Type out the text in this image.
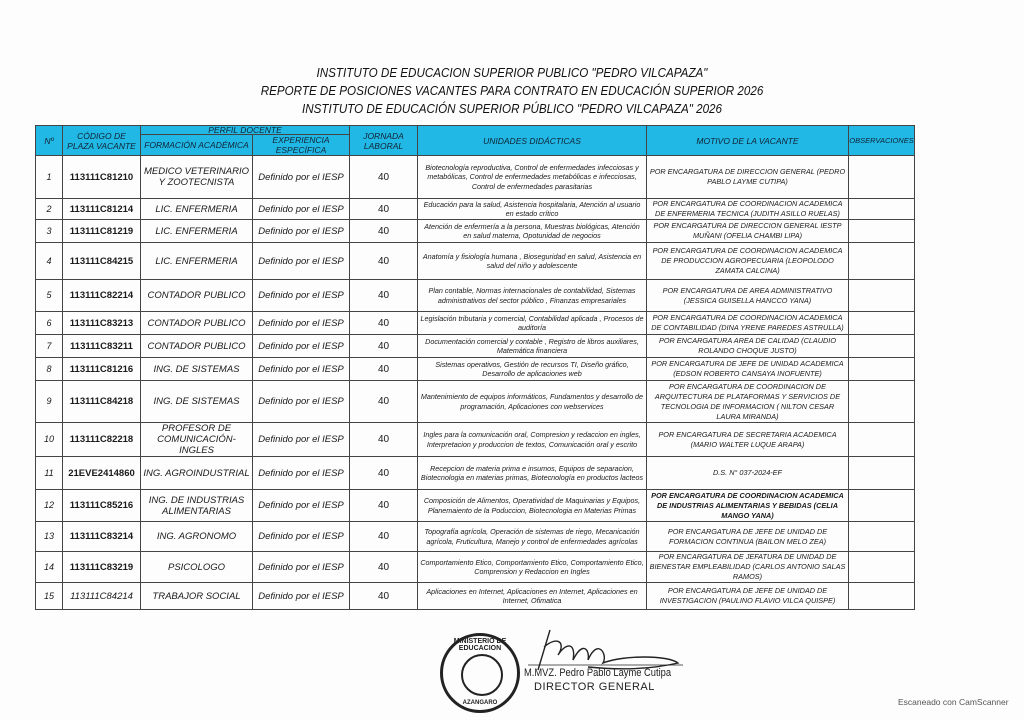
INSTITUTO DE EDUCACION SUPERIOR PUBLICO "PEDRO VILCAPAZA"
REPORTE DE POSICIONES VACANTES PARA CONTRATO EN EDUCACIÓN SUPERIOR 2026
INSTITUTO DE EDUCACIÓN SUPERIOR PÚBLICO "PEDRO VILCAPAZA" 2026
Nº	CÓDIGO DE PLAZA VACANTE	PERFIL DOCENTE		JORNADA LABORAL	UNIDADES DIDÁCTICAS	MOTIVO DE LA VACANTE	OBSERVACIONES
		FORMACIÓN ACADÉMICA	EXPERIENCIA ESPECÍFICA				
1	113111C81210	MEDICO VETERINARIO Y ZOOTECNISTA	Definido por el IESP	40	Biotecnología reproductiva, Control de enfermedades infecciosas y metabólicas, Control de enfermedades metabólicas e infecciosas, Control de enfermedades parasitarias	POR ENCARGATURA DE DIRECCION GENERAL (PEDRO PABLO LAYME CUTIPA)	
2	113111C81214	LIC. ENFERMERIA	Definido por el IESP	40	Educación para la salud, Asistencia hospitalaria, Atención al usuario en estado crítico	POR ENCARGATURA DE COORDINACION ACADEMICA DE ENFERMERIA TECNICA (JUDITH ASILLO RUELAS)	
3	113111C81219	LIC. ENFERMERIA	Definido por el IESP	40	Atención de enfermería a la persona, Muestras biológicas, Atención en salud materna, Opotunidad de negocios	POR ENCARGATURA DE DIRECCION GENERAL IESTP MUÑANI (OFELIA CHAMBI LIPA)	
4	113111C84215	LIC. ENFERMERIA	Definido por el IESP	40	Anatomía y fisiología humana , Bioseguridad en salud, Asistencia en salud del niño y adolescente	POR ENCARGATURA DE COORDINACION ACADEMICA DE PRODUCCION AGROPECUARIA (LEOPOLODO ZAMATA CALCINA)	
5	113111C82214	CONTADOR PUBLICO	Definido por el IESP	40	Plan contable, Normas internacionales de contabilidad, Sistemas administrativos del sector público , Finanzas empresariales	POR ENCARGATURA DE AREA ADMINISTRATIVO (JESSICA GUISELLA HANCCO YANA)	
6	113111C83213	CONTADOR PUBLICO	Definido por el IESP	40	Legislación tributaria y comercial, Contabilidad aplicada , Procesos de auditoría	POR ENCARGATURA DE COORDINACION ACADEMICA DE CONTABILIDAD (DINA YRENE PAREDES ASTRULLA)	
7	113111C83211	CONTADOR PUBLICO	Definido por el IESP	40	Documentación comercial y contable , Registro de libros auxiliares, Matemática financiera	POR ENCARGATURA AREA DE CALIDAD (CLAUDIO ROLANDO CHOQUE JUSTO)	
8	113111C81216	ING. DE SISTEMAS	Definido por el IESP	40	Sistemas operativos, Gestión de recursos TI, Diseño gráfico, Desarrollo de aplicaciones web	POR ENCARGATURA DE JEFE DE UNIDAD ACADEMICA (EDSON ROBERTO CANSAYA INOFUENTE)	
9	113111C84218	ING. DE SISTEMAS	Definido por el IESP	40	Mantenimiento de equipos informáticos, Fundamentos y desarrollo de programación, Aplicaciones con webservices	POR ENCARGATURA DE COORDINACION DE ARQUITECTURA DE PLATAFORMAS Y SERVICIOS DE TECNOLOGIA DE INFORMACION ( NILTON CESAR LAURA MIRANDA)	
10	113111C82218	PROFESOR DE COMUNICACIÓN-INGLES	Definido por el IESP	40	Ingles para la comunicación oral, Compresion y redaccion en ingles, Interpretacion y produccion de textos, Comunicación oral y escrito	POR ENCARGATURA DE SECRETARIA ACADEMICA (MARIO WALTER LUQUE ARAPA)	
11	21EVE2414860	ING. AGROINDUSTRIAL	Definido por el IESP	40	Recepcion de materia prima e insumos, Equipos de separacion, Biotecnologia en materias primas, Biotecnología en productos lacteos	D.S. N° 037-2024-EF	
12	113111C85216	ING. DE INDUSTRIAS ALIMENTARIAS	Definido por el IESP	40	Composición de Alimentos, Operatividad de Maquinarias y Equipos, Planemaiento de la Poduccion, Biotecnologia en Materias Primas	POR ENCARGATURA DE COORDINACION ACADEMICA DE INDUSTRIAS ALIMENTARIAS Y BEBIDAS (CELIA MANGO YANA)	
13	113111C83214	ING. AGRONOMO	Definido por el IESP	40	Topografía agrícola, Operación de sistemas de riego, Mecanicación agrícola, Fruticultura, Manejo y control de enfermedades agrícolas	POR ENCARGATURA DE JEFE DE UNIDAD DE FORMACION CONTINUA (BAILON MELO ZEA)	
14	113111C83219	PSICOLOGO	Definido por el IESP	40	Comportamiento Etico, Comportamiento Etico, Comportamiento Etico, Comprension y Redaccion en Ingles	POR ENCARGATURA DE JEFATURA DE UNIDAD DE BIENESTAR EMPLEABILIDAD (CARLOS ANTONIO SALAS RAMOS)	
15	113111C84214	TRABAJOR SOCIAL	Definido por el IESP	40	Aplicaciones en Internet, Aplicaciones en Internet, Aplicaciones en Internet, Ofimatica	POR ENCARGATURA DE JEFE DE UNIDAD DE INVESTIGACION (PAULINO FLAVIO VILCA QUISPE)	
MINISTERIO DE EDUCACION
AZANGARO
M.MVZ. Pedro Pablo Layme Cutipa
DIRECTOR GENERAL
Escaneado con CamScanner
